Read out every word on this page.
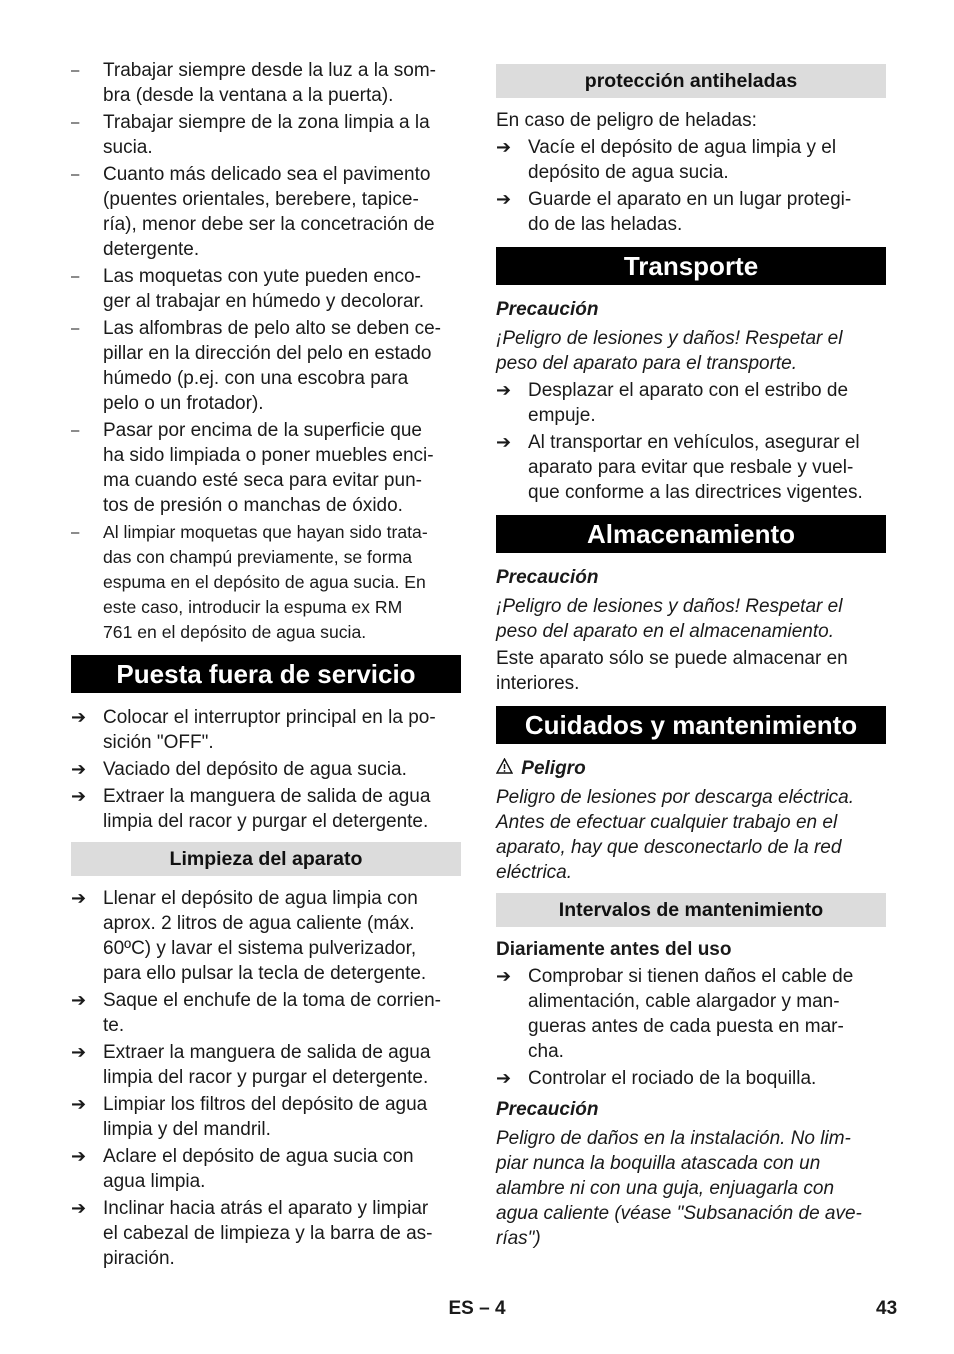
–	Trabajar siempre desde la luz a la som-
bra (desde la ventana a la puerta).
–	Trabajar siempre de la zona limpia a la
sucia.
–	Cuanto más delicado sea el pavimento
(puentes orientales, berebere, tapice-
ría), menor debe ser la concetración de
detergente.
–	Las moquetas con yute pueden enco-
ger al trabajar en húmedo y decolorar.
–	Las alfombras de pelo alto se deben ce-
pillar en la dirección del pelo en estado
húmedo (p.ej. con una escobra para
pelo o un frotador).
–	Pasar por encima de la superficie que
ha sido limpiada o poner muebles enci-
ma cuando esté seca para evitar pun-
tos de presión o manchas de óxido.
–	Al limpiar moquetas que hayan sido trata-
das con champú previamente, se forma
espuma en el depósito de agua sucia. En
este caso, introducir la espuma ex RM
761 en el depósito de agua sucia.
Puesta fuera de servicio
➔ Colocar el interruptor principal en la po-
sición "OFF".
➔ Vaciado del depósito de agua sucia.
➔ Extraer la manguera de salida de agua
limpia del racor y purgar el detergente.
Limpieza del aparato
➔ Llenar el depósito de agua limpia con
aprox. 2 litros de agua caliente (máx.
60ºC) y lavar el sistema pulverizador,
para ello pulsar la tecla de detergente.
➔ Saque el enchufe de la toma de corrien-
te.
➔ Extraer la manguera de salida de agua
limpia del racor y purgar el detergente.
➔ Limpiar los filtros del depósito de agua
limpia y del mandril.
➔ Aclare el depósito de agua sucia con
agua limpia.
➔ Inclinar hacia atrás el aparato y limpiar
el cabezal de limpieza y la barra de as-
piración.
protección antiheladas
En caso de peligro de heladas:
➔ Vacíe el depósito de agua limpia y el
depósito de agua sucia.
➔ Guarde el aparato en un lugar protegi-
do de las heladas.
Transporte
Precaución
¡Peligro de lesiones y daños! Respetar el
peso del aparato para el transporte.
➔ Desplazar el aparato con el estribo de
empuje.
➔ Al transportar en vehículos, asegurar el
aparato para evitar que resbale y vuel-
que conforme a las directrices vigentes.
Almacenamiento
Precaución
¡Peligro de lesiones y daños! Respetar el
peso del aparato en el almacenamiento.
Este aparato sólo se puede almacenar en
interiores.
Cuidados y mantenimiento
Peligro
Peligro de lesiones por descarga eléctrica.
Antes de efectuar cualquier trabajo en el
aparato, hay que desconectarlo de la red
eléctrica.
Intervalos de mantenimiento
Diariamente antes del uso
➔ Comprobar si tienen daños el cable de
alimentación, cable alargador y man-
gueras antes de cada puesta en mar-
cha.
➔ Controlar el rociado de la boquilla.
Precaución
Peligro de daños en la instalación. No lim-
piar nunca la boquilla atascada con un
alambre ni con una guja, enjuagarla con
agua caliente (véase "Subsanación de ave-
rías")
ES – 4	43
